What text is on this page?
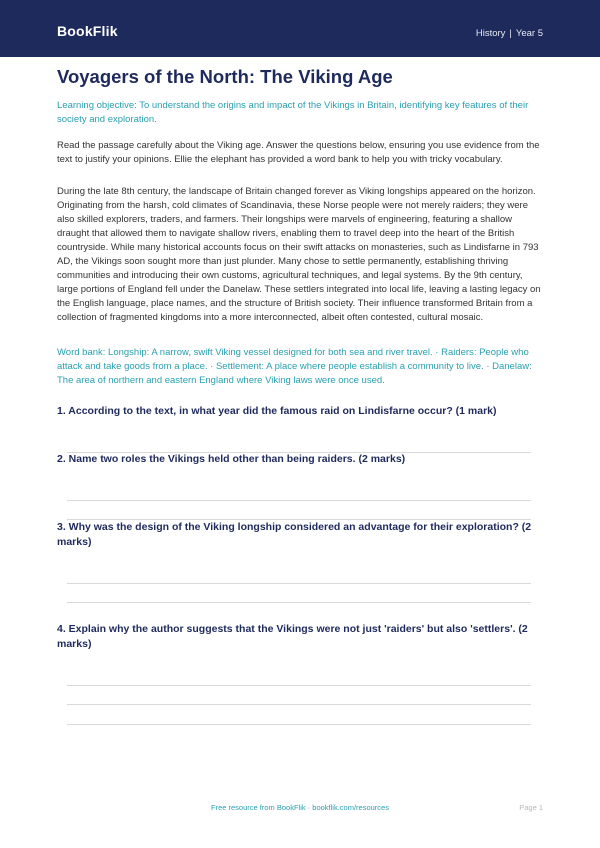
BookFlik	History | Year 5
Voyagers of the North: The Viking Age

Learning objective: To understand the origins and impact of the Vikings in Britain, identifying key features of their society and exploration.

Read the passage carefully about the Viking age. Answer the questions below, ensuring you use evidence from the text to justify your opinions. Ellie the elephant has provided a word bank to help you with tricky vocabulary.

During the late 8th century, the landscape of Britain changed forever as Viking longships appeared on the horizon. Originating from the harsh, cold climates of Scandinavia, these Norse people were not merely raiders; they were also skilled explorers, traders, and farmers. Their longships were marvels of engineering, featuring a shallow draught that allowed them to navigate shallow rivers, enabling them to travel deep into the heart of the British countryside. While many historical accounts focus on their swift attacks on monasteries, such as Lindisfarne in 793 AD, the Vikings soon sought more than just plunder. Many chose to settle permanently, establishing thriving communities and introducing their own customs, agricultural techniques, and legal systems. By the 9th century, large portions of England fell under the Danelaw. These settlers integrated into local life, leaving a lasting legacy on the English language, place names, and the structure of British society. Their influence transformed Britain from a collection of fragmented kingdoms into a more interconnected, albeit often contested, cultural mosaic.

Word bank: Longship: A narrow, swift Viking vessel designed for both sea and river travel. · Raiders: People who attack and take goods from a place. · Settlement: A place where people establish a community to live. · Danelaw: The area of northern and eastern England where Viking laws were once used.

1. According to the text, in what year did the famous raid on Lindisfarne occur? (1 mark)

2. Name two roles the Vikings held other than being raiders. (2 marks)

3. Why was the design of the Viking longship considered an advantage for their exploration? (2 marks)

4. Explain why the author suggests that the Vikings were not just 'raiders' but also 'settlers'. (2 marks)

Free resource from BookFlik · bookflik.com/resources	Page 1
